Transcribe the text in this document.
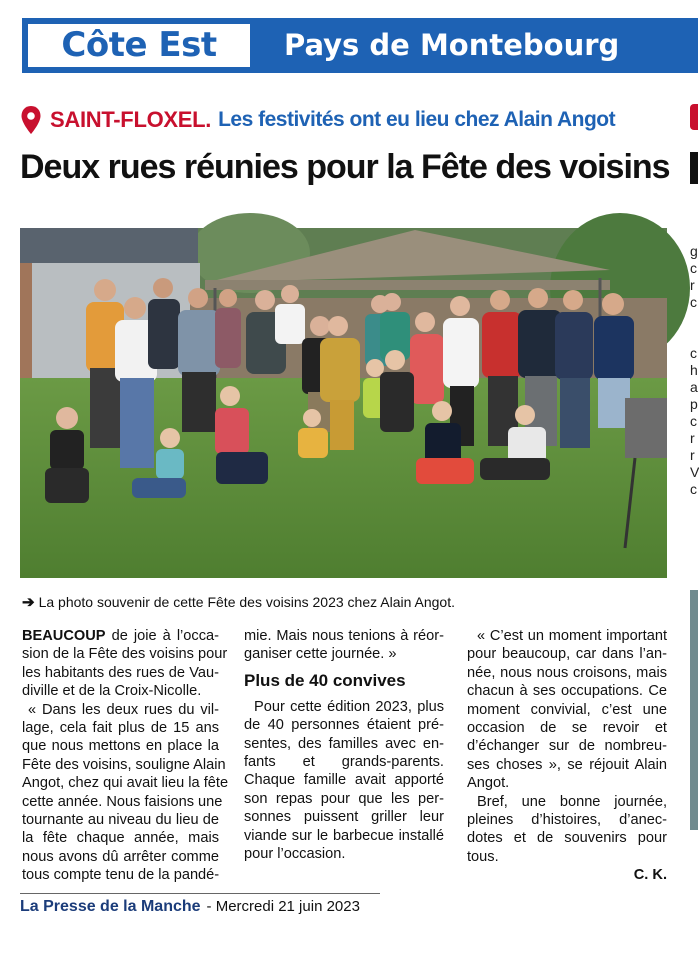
Côte Est	Pays de Montebourg
SAINT-FLOXEL. Les festivités ont eu lieu chez Alain Angot
Deux rues réunies pour la Fête des voisins
g
c
r
c

c
h
a
p
c
r
r
V
c
➔ La photo souvenir de cette Fête des voisins 2023 chez Alain Angot.
BEAUCOUP de joie à l’occa-
sion de la Fête des voisins pour
les habitants des rues de Vau-
diville et de la Croix-Nicolle.
« Dans les deux rues du vil-
lage, cela fait plus de 15 ans
que nous mettons en place la
Fête des voisins, souligne Alain
Angot, chez qui avait lieu la fête
cette année. Nous faisions une
tournante au niveau du lieu de
la fête chaque année, mais
nous avons dû arrêter comme
tous compte tenu de la pandé-
mie. Mais nous tenions à réor-
ganiser cette journée. »
Plus de 40 convives
Pour cette édition 2023, plus
de 40 personnes étaient pré-
sentes, des familles avec en-
fants et grands-parents.
Chaque famille avait apporté
son repas pour que les per-
sonnes puissent griller leur
viande sur le barbecue installé
pour l’occasion.
« C’est un moment important
pour beaucoup, car dans l’an-
née, nous nous croisons, mais
chacun à ses occupations. Ce
moment convivial, c’est une
occasion de se revoir et
d’échanger sur de nombreu-
ses choses », se réjouit Alain
Angot.
Bref, une bonne journée,
pleines d’histoires, d’anec-
dotes et de souvenirs pour
tous.
C. K.
La Presse de la Manche - Mercredi 21 juin 2023
